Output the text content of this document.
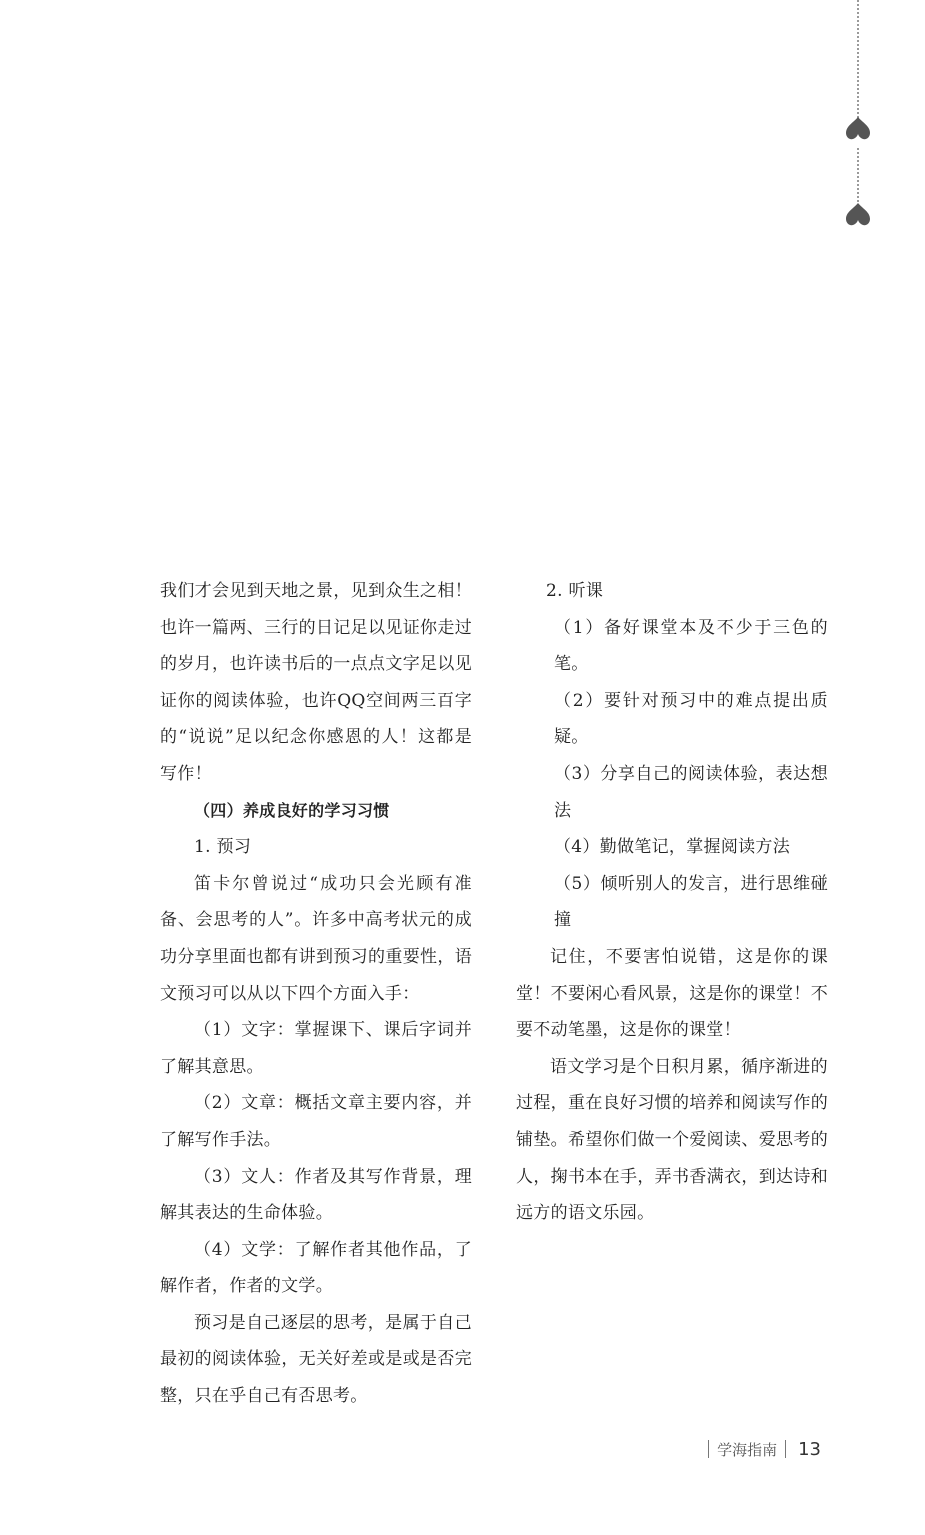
我们才会见到天地之景，见到众生之相！也许一篇两、三行的日记足以见证你走过的岁月，也许读书后的一点点文字足以见证你的阅读体验，也许QQ空间两三百字的“说说”足以纪念你感恩的人！这都是写作！

（四）养成良好的学习习惯

1. 预习

笛卡尔曾说过“成功只会光顾有准备、会思考的人”。许多中高考状元的成功分享里面也都有讲到预习的重要性，语文预习可以从以下四个方面入手：

（1）文字：掌握课下、课后字词并了解其意思。

（2）文章：概括文章主要内容，并了解写作手法。

（3）文人：作者及其写作背景，理解其表达的生命体验。

（4）文学：了解作者其他作品，了解作者，作者的文学。

预习是自己逐层的思考，是属于自己最初的阅读体验，无关好差或是或是否完整，只在乎自己有否思考。

2. 听课

（1）备好课堂本及不少于三色的笔。

（2）要针对预习中的难点提出质疑。

（3）分享自己的阅读体验，表达想法

（4）勤做笔记，掌握阅读方法

（5）倾听别人的发言，进行思维碰撞

记住，不要害怕说错，这是你的课堂！不要闲心看风景，这是你的课堂！不要不动笔墨，这是你的课堂！

语文学习是个日积月累，循序渐进的过程，重在良好习惯的培养和阅读写作的铺垫。希望你们做一个爱阅读、爱思考的人，掬书本在手，弄书香满衣，到达诗和远方的语文乐园。

学海指南	13
